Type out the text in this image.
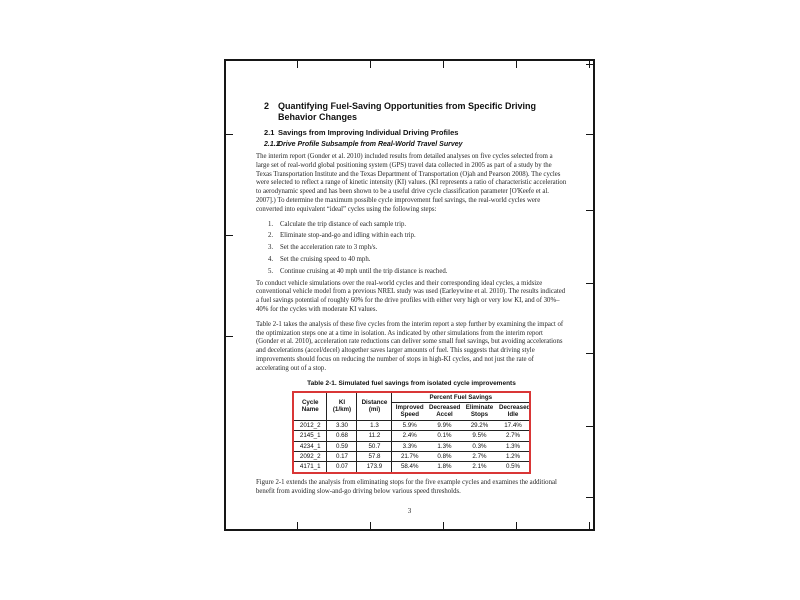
2 Quantifying Fuel-Saving Opportunities from Specific Driving Behavior Changes
2.1 Savings from Improving Individual Driving Profiles
2.1.1
Drive Profile Subsample from Real-World Travel Survey

The interim report (Gonder et al. 2010) included results from detailed analyses on five cycles selected from a large set of real-world global positioning system (GPS) travel data collected in 2005 as part of a study by the Texas Transportation Institute and the Texas Department of Transportation (Ojah and Pearson 2008). The cycles were selected to reflect a range of kinetic intensity (KI) values. (KI represents a ratio of characteristic acceleration to aerodynamic speed and has been shown to be a useful drive cycle classification parameter [O'Keefe et al. 2007].) To determine the maximum possible cycle improvement fuel savings, the real-world cycles were converted into equivalent “ideal” cycles using the following steps:

1.	Calculate the trip distance of each sample trip.
2.	Eliminate stop-and-go and idling within each trip.
3.	Set the acceleration rate to 3 mph/s.
4.	Set the cruising speed to 40 mph.
5.	Continue cruising at 40 mph until the trip distance is reached.

To conduct vehicle simulations over the real-world cycles and their corresponding ideal cycles, a midsize conventional vehicle model from a previous NREL study was used (Earleywine et al. 2010). The results indicated a fuel savings potential of roughly 60% for the drive profiles with either very high or very low KI, and of 30%–40% for the cycles with moderate KI values.

Table 2-1 takes the analysis of these five cycles from the interim report a step further by examining the impact of the optimization steps one at a time in isolation. As indicated by other simulations from the interim report (Gonder et al. 2010), acceleration rate reductions can deliver some small fuel savings, but avoiding accelerations and decelerations (accel/decel) altogether saves larger amounts of fuel. This suggests that driving style improvements should focus on reducing the number of stops in high-KI cycles, and not just the rate of accelerating out of a stop.

Table 2-1. Simulated fuel savings from isolated cycle improvements
Cycle Name	KI (1/km)	Distance (mi)	Percent Fuel Savings			
			Improved Speed	Decreased Accel	Eliminate Stops	Decreased Idle
2012_2	3.30	1.3	5.9%	9.9%	29.2%	17.4%
2145_1	0.68	11.2	2.4%	0.1%	9.5%	2.7%
4234_1	0.59	50.7	3.3%	1.3%	0.3%	1.3%
2092_2	0.17	57.8	21.7%	0.8%	2.7%	1.2%
4171_1	0.07	173.9	58.4%	1.8%	2.1%	0.5%

Figure 2-1 extends the analysis from eliminating stops for the five example cycles and examines the additional benefit from avoiding slow-and-go driving below various speed thresholds.

3
